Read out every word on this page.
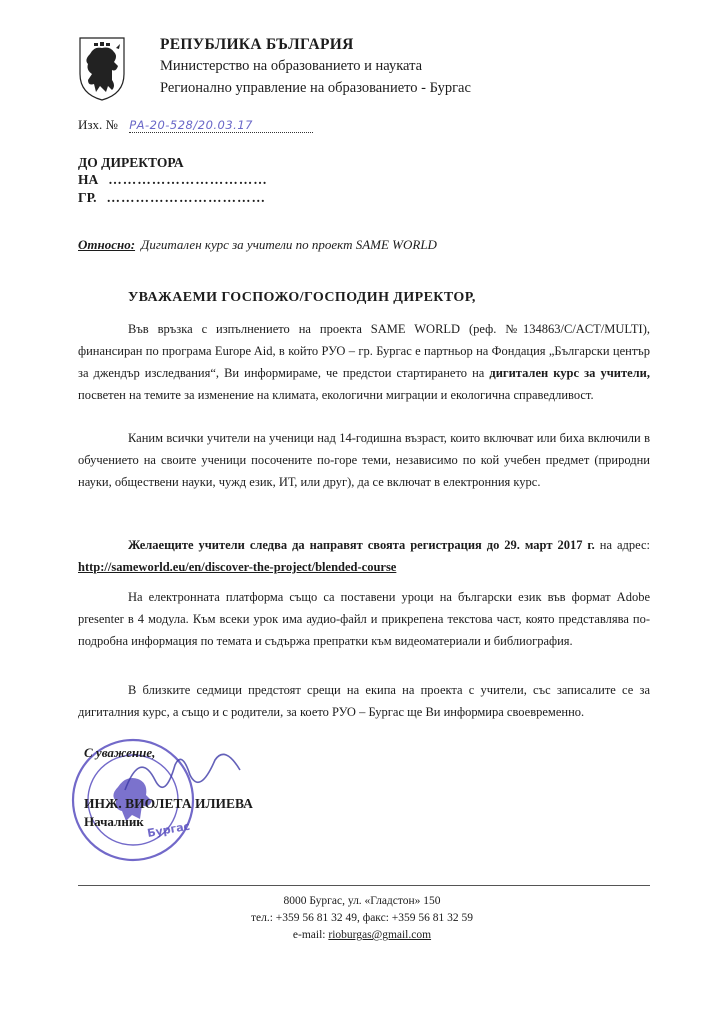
РЕПУБЛИКА БЪЛГАРИЯ
Министерство на образованието и науката
Регионално управление на образованието - Бургас
Изх. № РА-20-528/20.03.17
ДО ДИРЕКТОРА
НА ……………………………
ГР. ……………………………
Относно: Дигитален курс за учители по проект SAME WORLD
УВАЖАЕМИ ГОСПОЖО/ГОСПОДИН ДИРЕКТОР,
Във връзка с изпълнението на проекта SAME WORLD (реф. №134863/C/ACT/MULTI), финансиран по програма Europe Aid, в който РУО – гр. Бургас е партньор на Фондация „Български център за джендър изследвания“, Ви информираме, че предстои стартирането на дигитален курс за учители, посветен на темите за изменение на климата, екологични миграции и екологична справедливост.
Каним всички учители на ученици над 14-годишна възраст, които включват или биха включили в обучението на своите ученици посочените по-горе теми, независимо по кой учебен предмет (природни науки, обществени науки, чужд език, ИТ, или друг), да се включат в електронния курс.
Желаещите учители следва да направят своята регистрация до 29. март 2017 г. на адрес: http://sameworld.eu/en/discover-the-project/blended-course
На електронната платформа също са поставени уроци на български език във формат Adobe presenter в 4 модула. Към всеки урок има аудио-файл и прикрепена текстова част, която представлява по-подробна информация по темата и съдържа препратки към видеоматериали и библиография.
В близките седмици предстоят срещи на екипа на проекта с учители, със записалите се за дигиталния курс, а също и с родители, за което РУО – Бургас ще Ви информира своевременно.
Бургас
С уважение,
ИНЖ. ВИОЛЕТА ИЛИЕВА
Началник
8000 Бургас, ул. «Гладстон» 150
тел.: +359 56 81 32 49, факс: +359 56 81 32 59
e-mail: rioburgas@gmail.com
